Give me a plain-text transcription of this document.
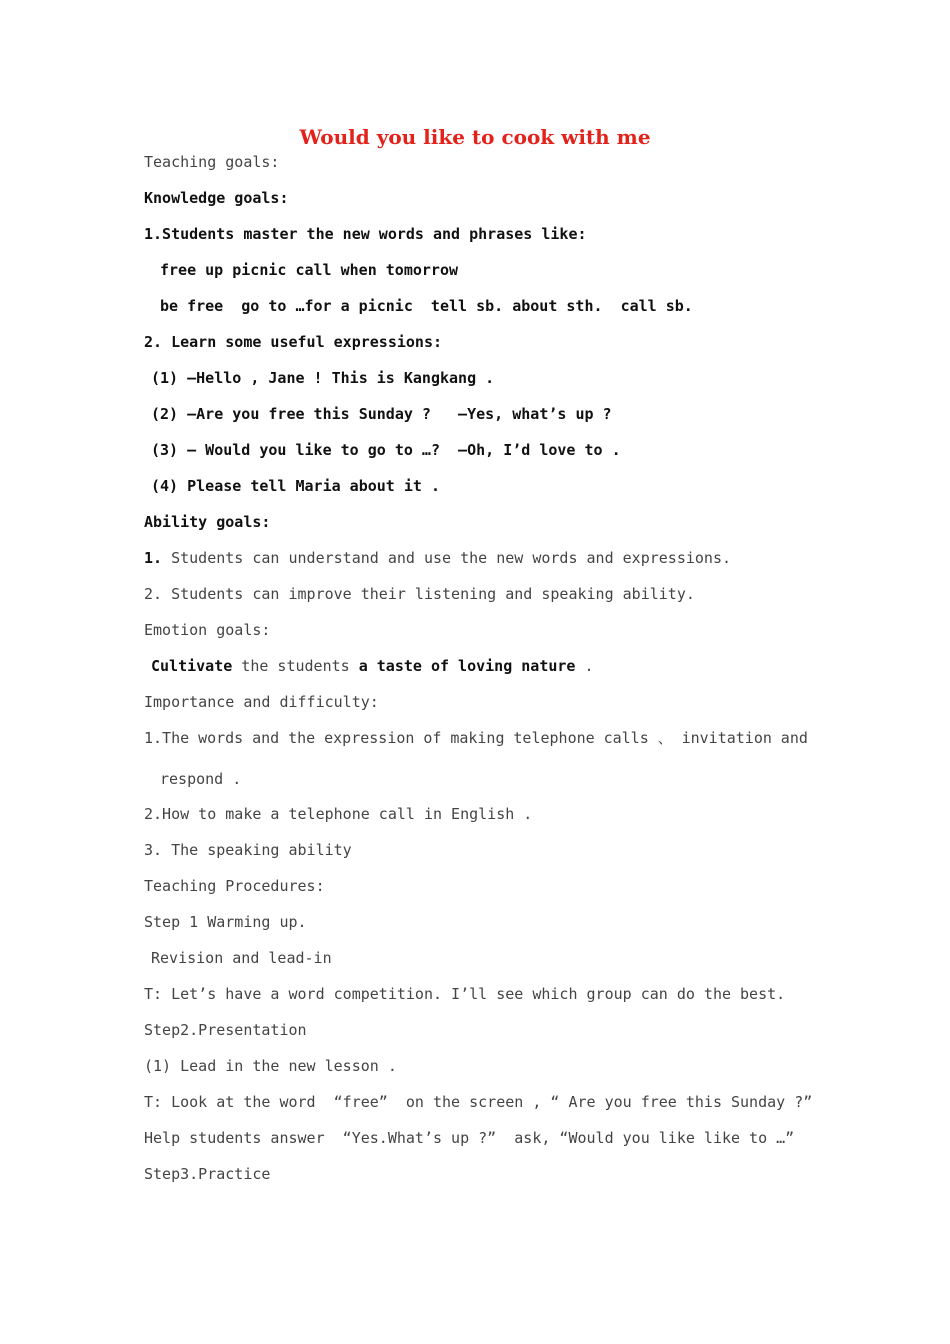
Would you like to cook with me
Teaching goals:
Knowledge goals:
1.Students master the new words and phrases like:
free up picnic call when tomorrow
be free  go to …for a picnic  tell sb. about sth.  call sb.
2. Learn some useful expressions:
(1) —Hello , Jane ! This is Kangkang .
(2) —Are you free this Sunday ?   —Yes, what’s up ?
(3) — Would you like to go to …?  —Oh, I’d love to .
(4) Please tell Maria about it .
Ability goals:
1. Students can understand and use the new words and expressions.
2. Students can improve their listening and speaking ability.
Emotion goals:
Cultivate the students a taste of loving nature .
Importance and difficulty:
1.The words and the expression of making telephone calls 、 invitation and
respond .
2.How to make a telephone call in English .
3. The speaking ability
Teaching Procedures:
Step 1 Warming up.
Revision and lead-in
T: Let’s have a word competition. I’ll see which group can do the best.
Step2.Presentation
(1) Lead in the new lesson .
T: Look at the word  “free”  on the screen , “ Are you free this Sunday ?”
Help students answer  “Yes.What’s up ?”  ask, “Would you like like to …”
Step3.Practice
